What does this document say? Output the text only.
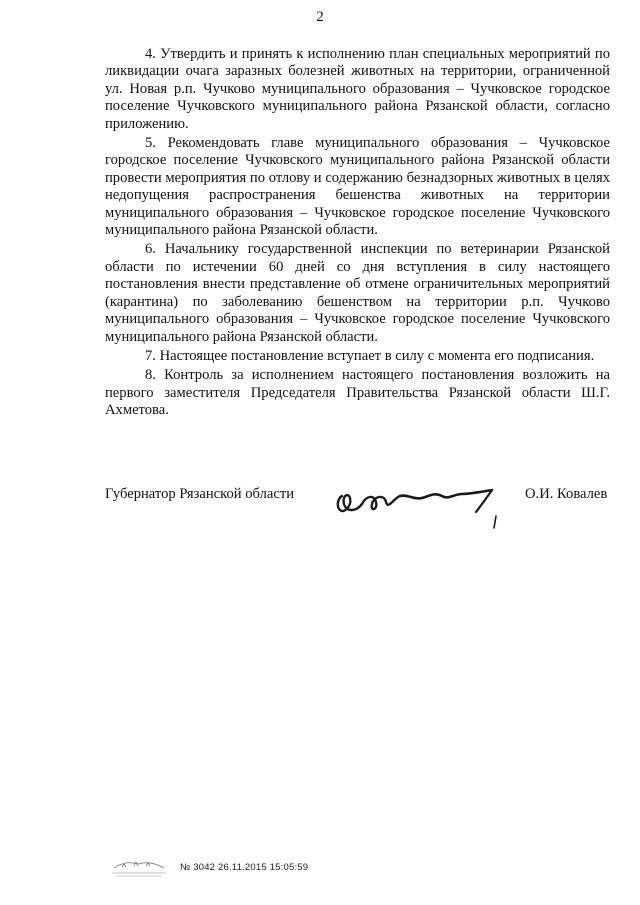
2

4. Утвердить и принять к исполнению план специальных мероприятий по ликвидации очага заразных болезней животных на территории, ограниченной ул. Новая р.п. Чучково муниципального образования – Чучковское городское поселение Чучковского муниципального района Рязанской области, согласно приложению.

5. Рекомендовать главе муниципального образования – Чучковское городское поселение Чучковского муниципального района Рязанской области провести мероприятия по отлову и содержанию безнадзорных животных в целях недопущения распространения бешенства животных на территории муниципального образования – Чучковское городское поселение Чучковского муниципального района Рязанской области.

6. Начальнику государственной инспекции по ветеринарии Рязанской области по истечении 60 дней со дня вступления в силу настоящего постановления внести представление об отмене ограничительных мероприятий (карантина) по заболеванию бешенством на территории р.п. Чучково муниципального образования – Чучковское городское поселение Чучковского муниципального района Рязанской области.

7. Настоящее постановление вступает в силу с момента его подписания.

8. Контроль за исполнением настоящего постановления возложить на первого заместителя Председателя Правительства Рязанской области Ш.Г. Ахметова.

Губернатор Рязанской области	О.И. Ковалев
№ 3042 26.11.2015 15:05:59
